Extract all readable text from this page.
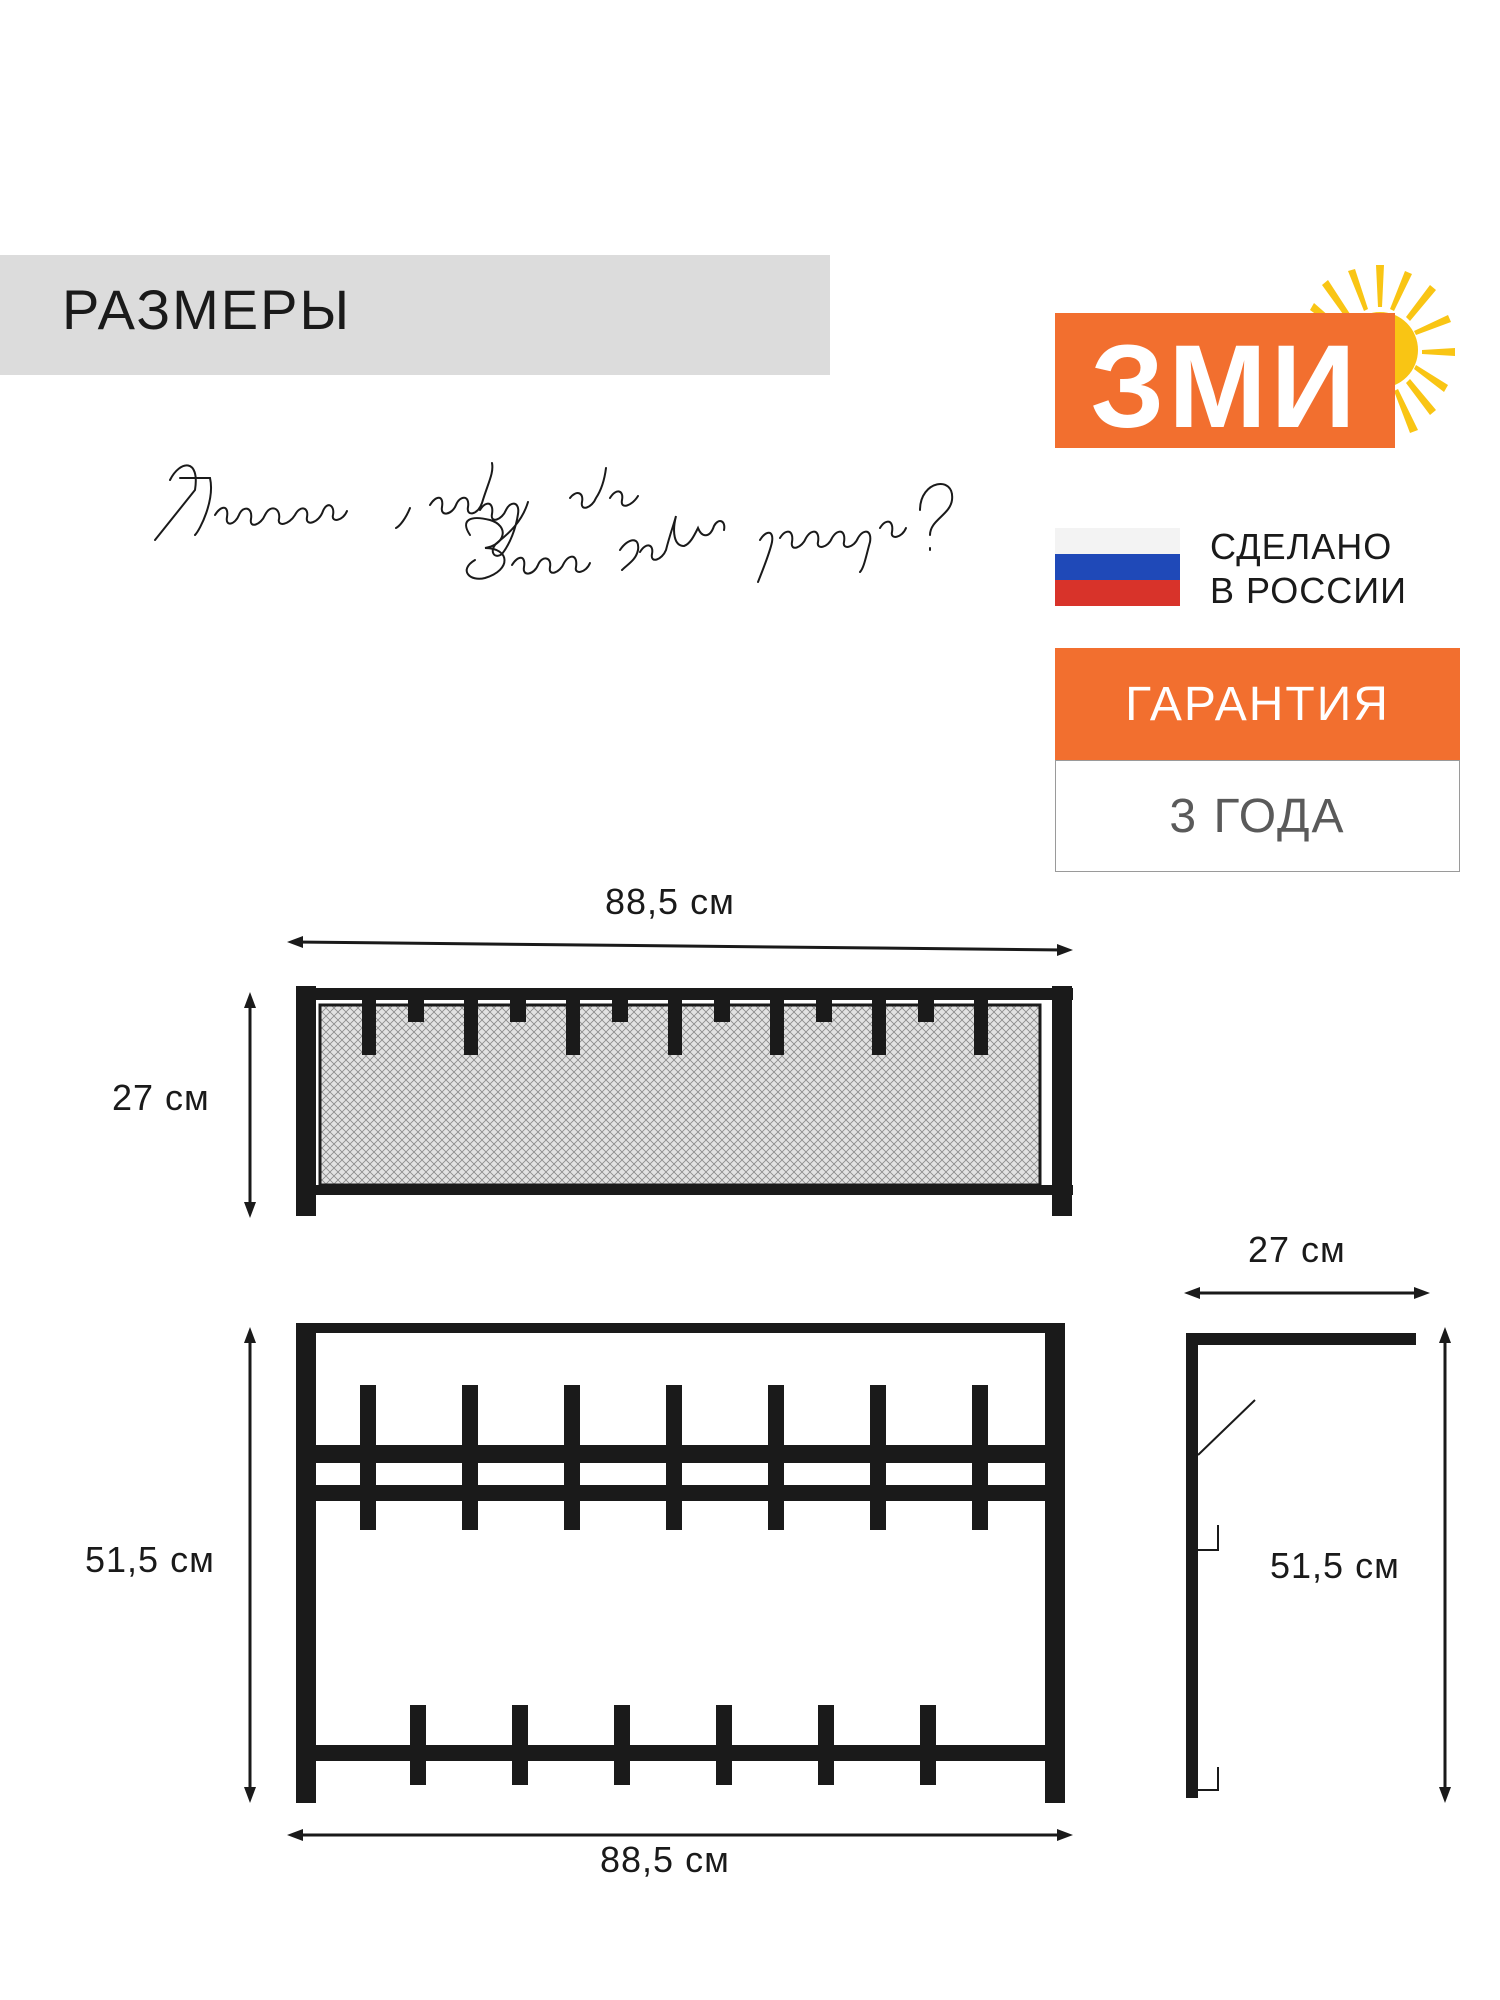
РАЗМЕРЫ
ЗМИ
СДЕЛАНО
В РОССИИ
ГАРАНТИЯ
3 ГОДА
88,5 см
27 см
51,5 см
88,5 см
27 см
51,5 см
